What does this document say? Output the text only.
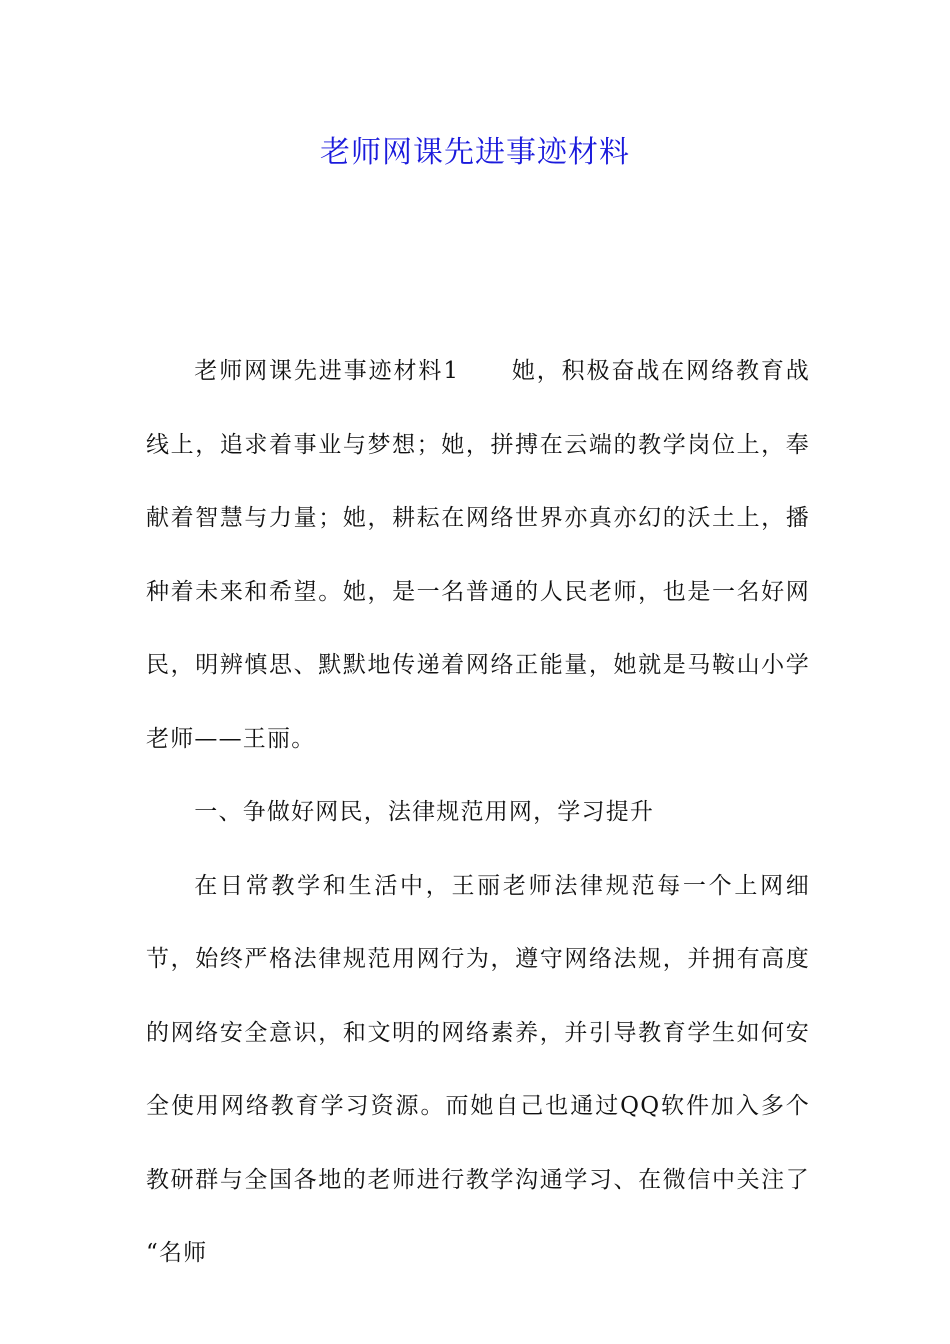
老师网课先进事迹材料

老师网课先进事迹材料1 她，积极奋战在网络教育战线上，追求着事业与梦想；她，拼搏在云端的教学岗位上，奉献着智慧与力量；她，耕耘在网络世界亦真亦幻的沃土上，播种着未来和希望。她，是一名普通的人民老师，也是一名好网民，明辨慎思、默默地传递着网络正能量，她就是马鞍山小学老师——王丽。

一、争做好网民，法律规范用网，学习提升

在日常教学和生活中，王丽老师法律规范每一个上网细节，始终严格法律规范用网行为，遵守网络法规，并拥有高度的网络安全意识，和文明的网络素养，并引导教育学生如何安全使用网络教育学习资源。而她自己也通过QQ软件加入多个教研群与全国各地的老师进行教学沟通学习、在微信中关注了 “名师
